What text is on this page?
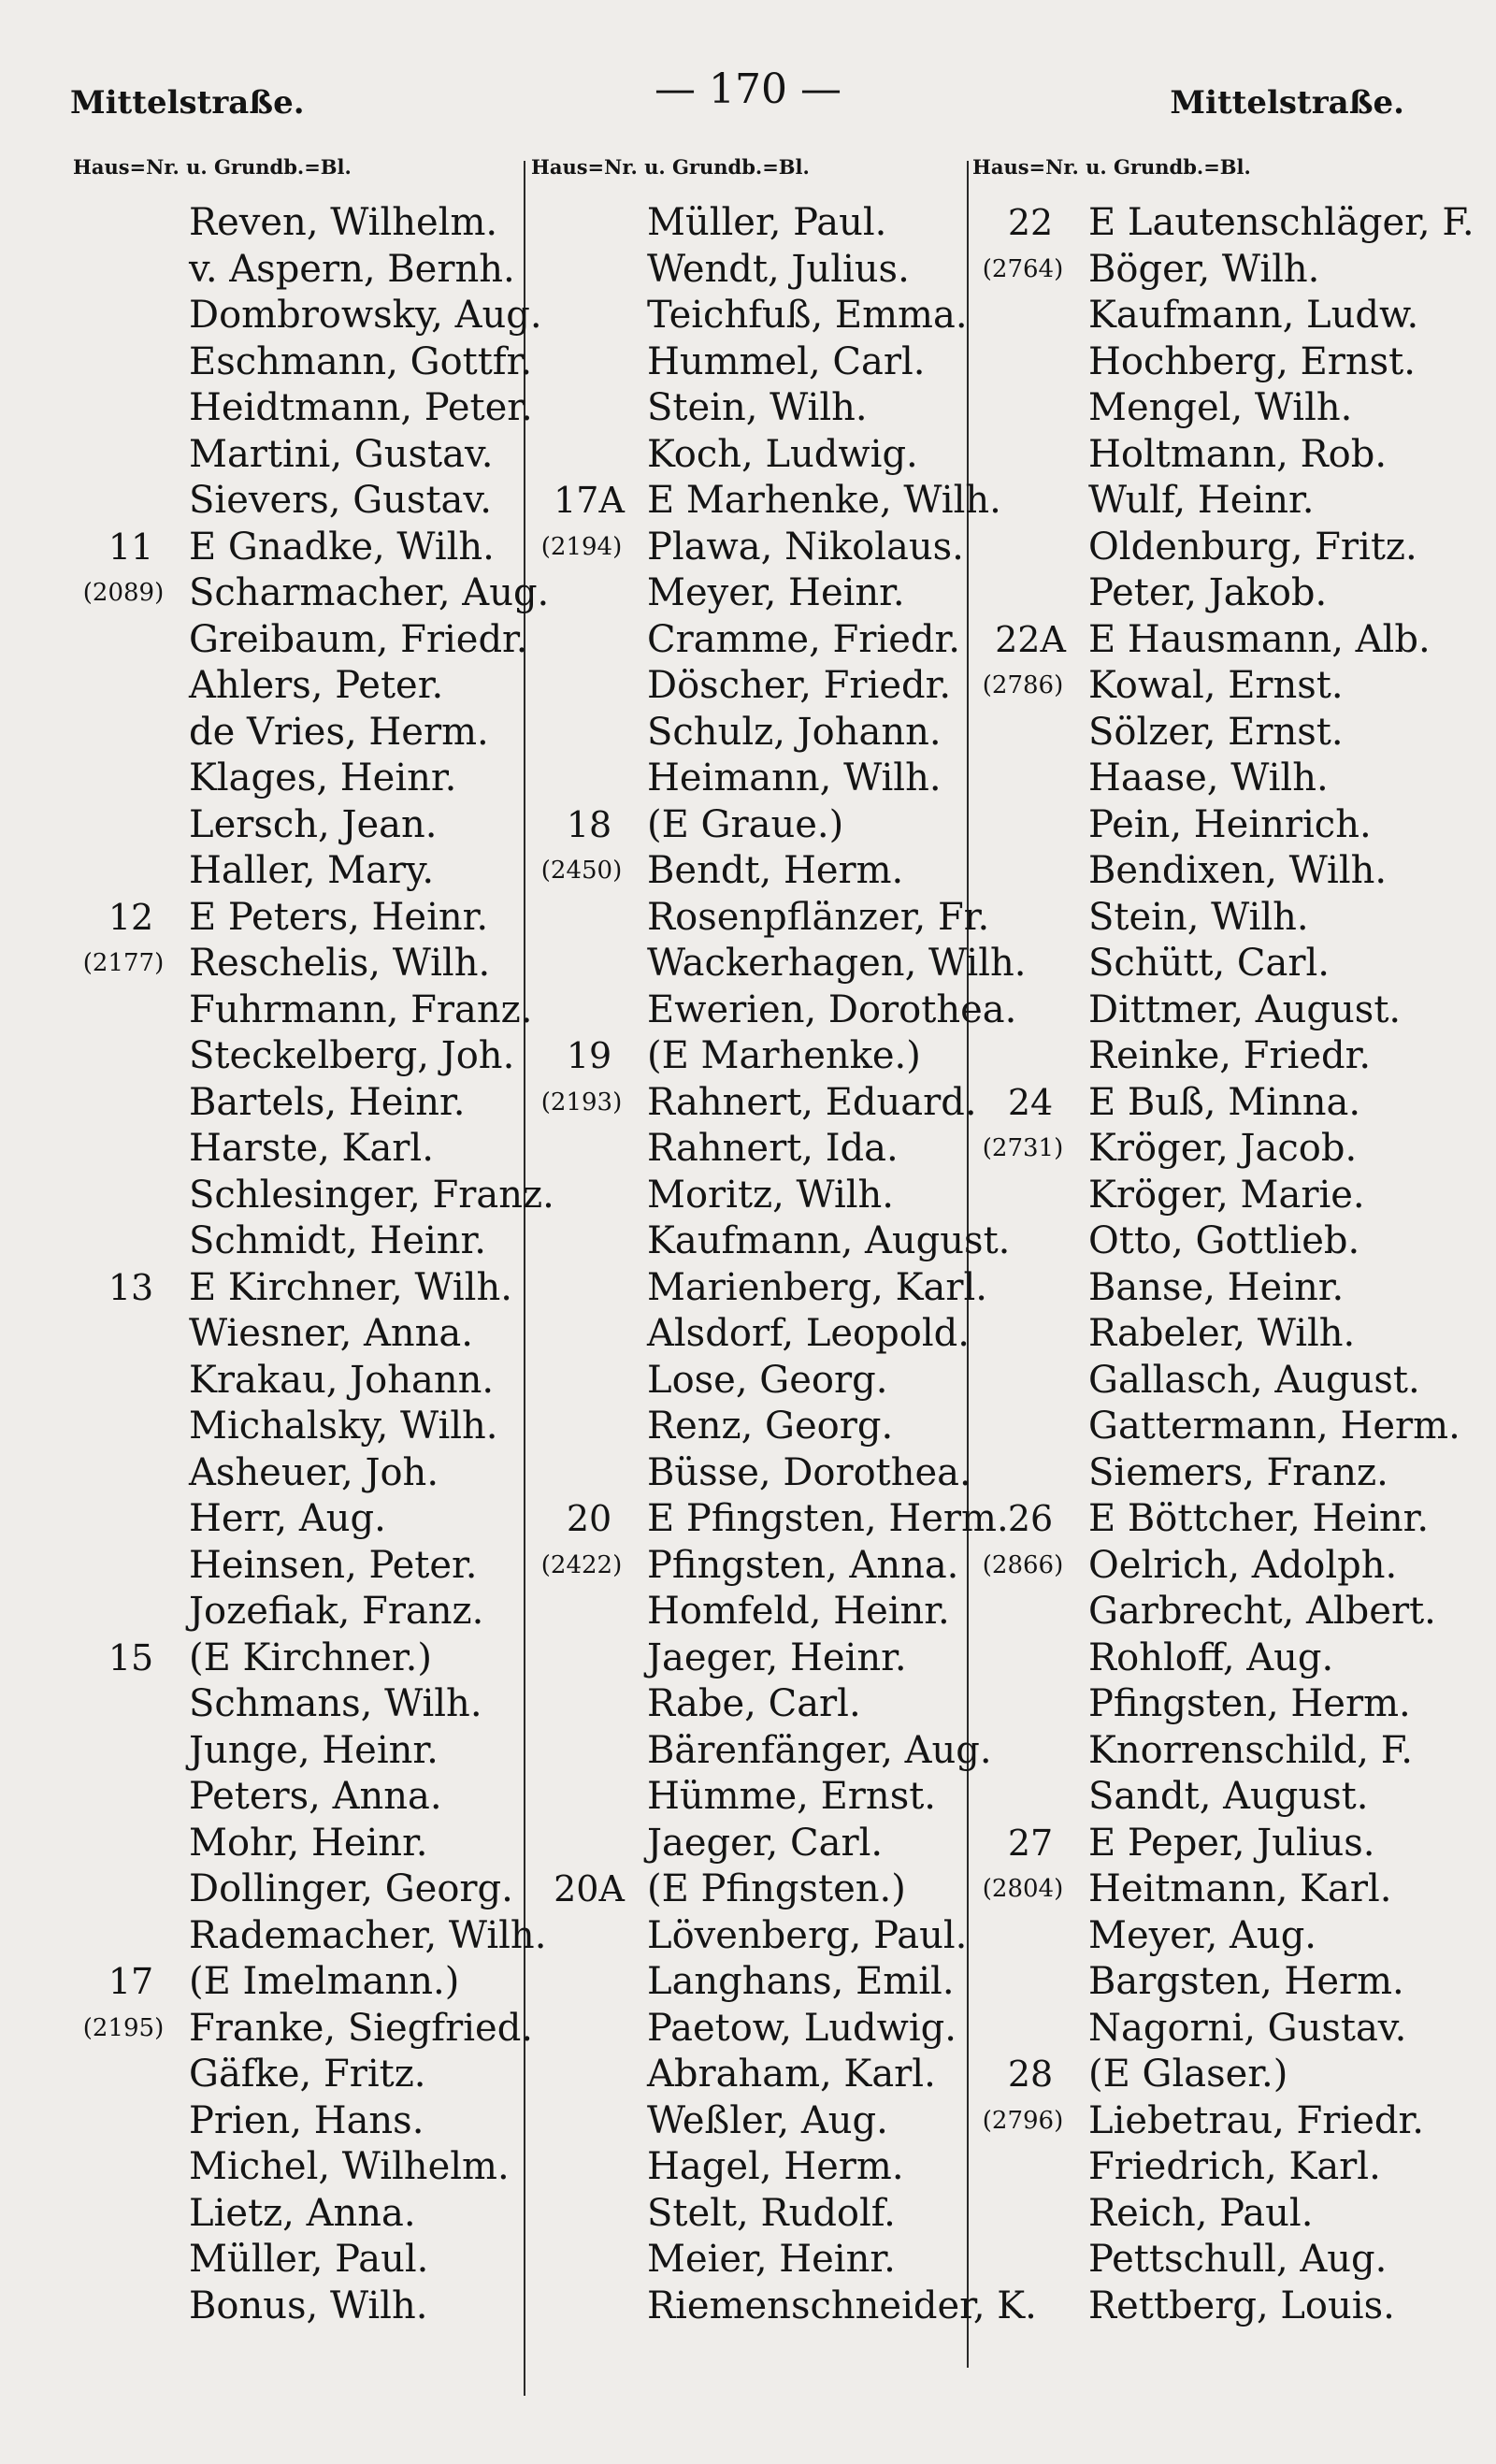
Mittelstraße.	— 170 —	Mittelstraße.
Haus=Nr. u. Grundb.=Bl.
Reven, Wilhelm.
v. Aspern, Bernh.
Dombrowsky, Aug.
Eschmann, Gottfr.
Heidtmann, Peter.
Martini, Gustav.
Sievers, Gustav.
11 E Gnadke, Wilh.
(2089) Scharmacher, Aug.
Greibaum, Friedr.
Ahlers, Peter.
de Vries, Herm.
Klages, Heinr.
Lersch, Jean.
Haller, Mary.
12 E Peters, Heinr.
(2177) Reschelis, Wilh.
Fuhrmann, Franz.
Steckelberg, Joh.
Bartels, Heinr.
Harste, Karl.
Schlesinger, Franz.
Schmidt, Heinr.
13 E Kirchner, Wilh.
Wiesner, Anna.
Krakau, Johann.
Michalsky, Wilh.
Asheuer, Joh.
Herr, Aug.
Heinsen, Peter.
Jozefiak, Franz.
15 (E Kirchner.)
Schmans, Wilh.
Junge, Heinr.
Peters, Anna.
Mohr, Heinr.
Dollinger, Georg.
Rademacher, Wilh.
17 (E Imelmann.)
(2195) Franke, Siegfried.
Gäfke, Fritz.
Prien, Hans.
Michel, Wilhelm.
Lietz, Anna.
Müller, Paul.
Bonus, Wilh.
Haus=Nr. u. Grundb.=Bl.
Müller, Paul.
Wendt, Julius.
Teichfuß, Emma.
Hummel, Carl.
Stein, Wilh.
Koch, Ludwig.
17A E Marhenke, Wilh.
(2194) Plawa, Nikolaus.
Meyer, Heinr.
Cramme, Friedr.
Döscher, Friedr.
Schulz, Johann.
Heimann, Wilh.
18 (E Graue.)
(2450) Bendt, Herm.
Rosenpflänzer, Fr.
Wackerhagen, Wilh.
Ewerien, Dorothea.
19 (E Marhenke.)
(2193) Rahnert, Eduard.
Rahnert, Ida.
Moritz, Wilh.
Kaufmann, August.
Marienberg, Karl.
Alsdorf, Leopold.
Lose, Georg.
Renz, Georg.
Büsse, Dorothea.
20 E Pfingsten, Herm.
(2422) Pfingsten, Anna.
Homfeld, Heinr.
Jaeger, Heinr.
Rabe, Carl.
Bärenfänger, Aug.
Hümme, Ernst.
Jaeger, Carl.
20A (E Pfingsten.)
Lövenberg, Paul.
Langhans, Emil.
Paetow, Ludwig.
Abraham, Karl.
Weßler, Aug.
Hagel, Herm.
Stelt, Rudolf.
Meier, Heinr.
Riemenschneider, K.
Haus=Nr. u. Grundb.=Bl.
22 E Lautenschläger, F.
(2764) Böger, Wilh.
Kaufmann, Ludw.
Hochberg, Ernst.
Mengel, Wilh.
Holtmann, Rob.
Wulf, Heinr.
Oldenburg, Fritz.
Peter, Jakob.
22A E Hausmann, Alb.
(2786) Kowal, Ernst.
Sölzer, Ernst.
Haase, Wilh.
Pein, Heinrich.
Bendixen, Wilh.
Stein, Wilh.
Schütt, Carl.
Dittmer, August.
Reinke, Friedr.
24 E Buß, Minna.
(2731) Kröger, Jacob.
Kröger, Marie.
Otto, Gottlieb.
Banse, Heinr.
Rabeler, Wilh.
Gallasch, August.
Gattermann, Herm.
Siemers, Franz.
26 E Böttcher, Heinr.
(2866) Oelrich, Adolph.
Garbrecht, Albert.
Rohloff, Aug.
Pfingsten, Herm.
Knorrenschild, F.
Sandt, August.
27 E Peper, Julius.
(2804) Heitmann, Karl.
Meyer, Aug.
Bargsten, Herm.
Nagorni, Gustav.
28 (E Glaser.)
(2796) Liebetrau, Friedr.
Friedrich, Karl.
Reich, Paul.
Pettschull, Aug.
Rettberg, Louis.
